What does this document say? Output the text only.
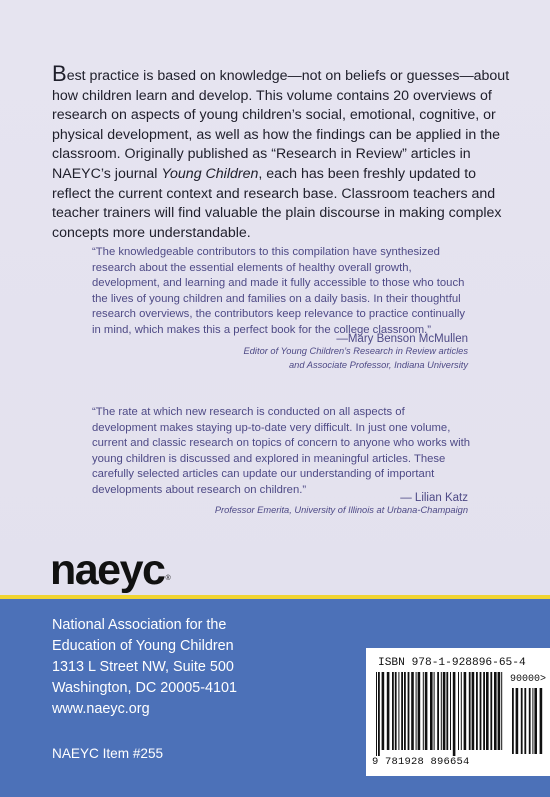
Best practice is based on knowledge—not on beliefs or guesses—about how children learn and develop. This volume contains 20 overviews of research on aspects of young children’s social, emotional, cognitive, or physical development, as well as how the findings can be applied in the classroom. Originally published as “Research in Review” articles in NAEYC’s journal Young Children, each has been freshly updated to reflect the current context and research base. Classroom teachers and teacher trainers will find valuable the plain discourse in making complex concepts more understandable.

“The knowledgeable contributors to this compilation have synthesized research about the essential elements of healthy overall growth, development, and learning and made it fully accessible to those who touch the lives of young children and families on a daily basis. In their thoughtful research overviews, the contributors keep relevance to practice continually in mind, which makes this a perfect book for the college classroom.”

—Mary Benson McMullen
Editor of Young Children’s Research in Review articles
and Associate Professor, Indiana University

“The rate at which new research is conducted on all aspects of development makes staying up-to-date very difficult. In just one volume, current and classic research on topics of concern to anyone who works with young children is discussed and explored in meaningful articles. These carefully selected articles can update our understanding of important developments about research on children.”

— Lilian Katz
Professor Emerita, University of Illinois at Urbana-Champaign
naeyc®
National Association for the
Education of Young Children
1313 L Street NW, Suite 500
Washington, DC 20005-4101
www.naeyc.org
NAEYC Item #255
ISBN 978-1-928896-65-4
90000>
9 781928 896654
